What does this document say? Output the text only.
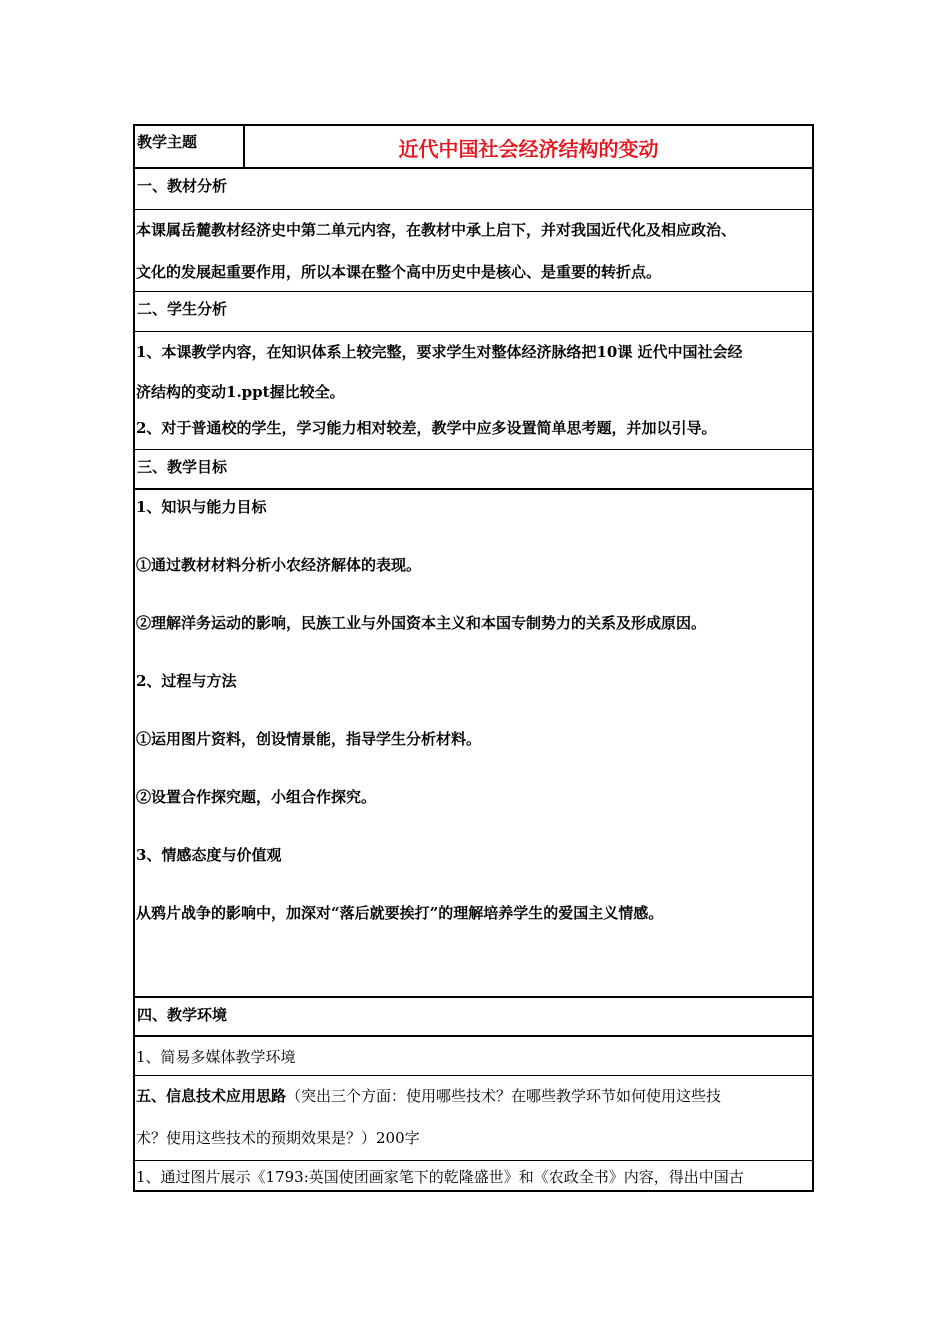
教学主题	近代中国社会经济结构的变动
一、教材分析
本课属岳麓教材经济史中第二单元内容，在教材中承上启下，并对我国近代化及相应政治、
文化的发展起重要作用，所以本课在整个高中历史中是核心、是重要的转折点。
二、学生分析
1、本课教学内容，在知识体系上较完整，要求学生对整体经济脉络把10课 近代中国社会经
济结构的变动1.ppt握比较全。
2、对于普通校的学生，学习能力相对较差，教学中应多设置简单思考题，并加以引导。
三、教学目标
1、知识与能力目标
①通过教材材料分析小农经济解体的表现。
②理解洋务运动的影响，民族工业与外国资本主义和本国专制势力的关系及形成原因。
2、过程与方法
①运用图片资料，创设情景能，指导学生分析材料。
②设置合作探究题，小组合作探究。
3、情感态度与价值观
从鸦片战争的影响中，加深对“落后就要挨打”的理解培养学生的爱国主义情感。
四、教学环境
1、简易多媒体教学环境
五、信息技术应用思路（突出三个方面：使用哪些技术？在哪些教学环节如何使用这些技
术？使用这些技术的预期效果是？）200字
1、通过图片展示《1793:英国使团画家笔下的乾隆盛世》和《农政全书》内容，得出中国古
